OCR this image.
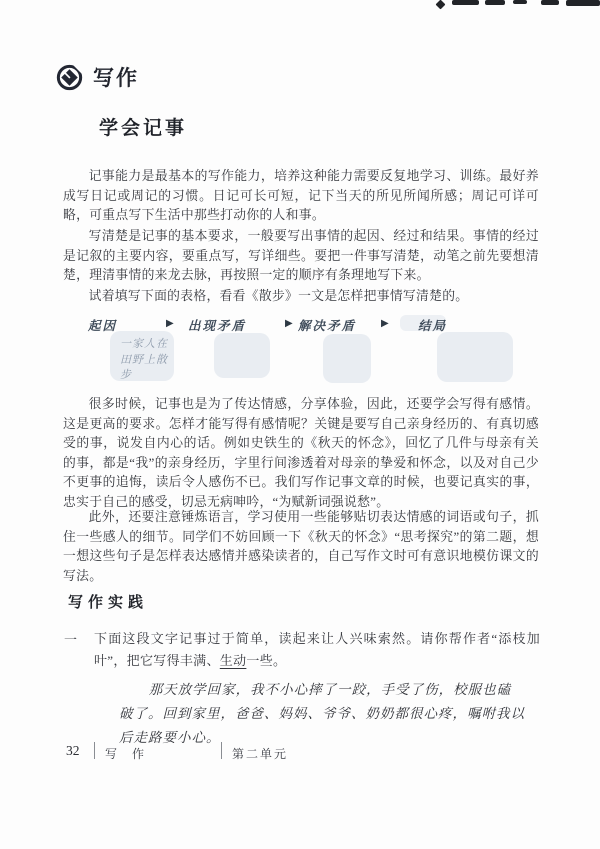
写作
学会记事
记事能力是最基本的写作能力，培养这种能力需要反复地学习、训练。最好养成写日记或周记的习惯。日记可长可短，记下当天的所见所闻所感；周记可详可略，可重点写下生活中那些打动你的人和事。
写清楚是记事的基本要求，一般要写出事情的起因、经过和结果。事情的经过是记叙的主要内容，要重点写，写详细些。要把一件事写清楚，动笔之前先要想清楚，理清事情的来龙去脉，再按照一定的顺序有条理地写下来。
试着填写下面的表格，看看《散步》一文是怎样把事情写清楚的。
起因	▶ 出现矛盾	▶ 解决矛盾 ▶ 结局
一家人在田野上散步
很多时候，记事也是为了传达情感，分享体验，因此，还要学会写得有感情。这是更高的要求。怎样才能写得有感情呢？关键是要写自己亲身经历的、有真切感受的事，说发自内心的话。例如史铁生的《秋天的怀念》，回忆了几件与母亲有关的事，都是“我”的亲身经历，字里行间渗透着对母亲的挚爱和怀念，以及对自己少不更事的追悔，读后令人感伤不已。我们写作记事文章的时候，也要记真实的事，忠实于自己的感受，切忌无病呻吟，“为赋新词强说愁”。
此外，还要注意锤炼语言，学习使用一些能够贴切表达情感的词语或句子，抓住一些感人的细节。同学们不妨回顾一下《秋天的怀念》“思考探究”的第二题，想一想这些句子是怎样表达感情并感染读者的，自己写作文时可有意识地模仿课文的写法。
写作实践
一 下面这段文字记事过于简单，读起来让人兴味索然。请你帮作者“添枝加叶”，把它写得丰满、生动一些。
那天放学回家，我不小心摔了一跤，手受了伤，校服也磕破了。回到家里，爸爸、妈妈、爷爷、奶奶都很心疼，嘱咐我以后走路要小心。
32 写 作	第二单元
